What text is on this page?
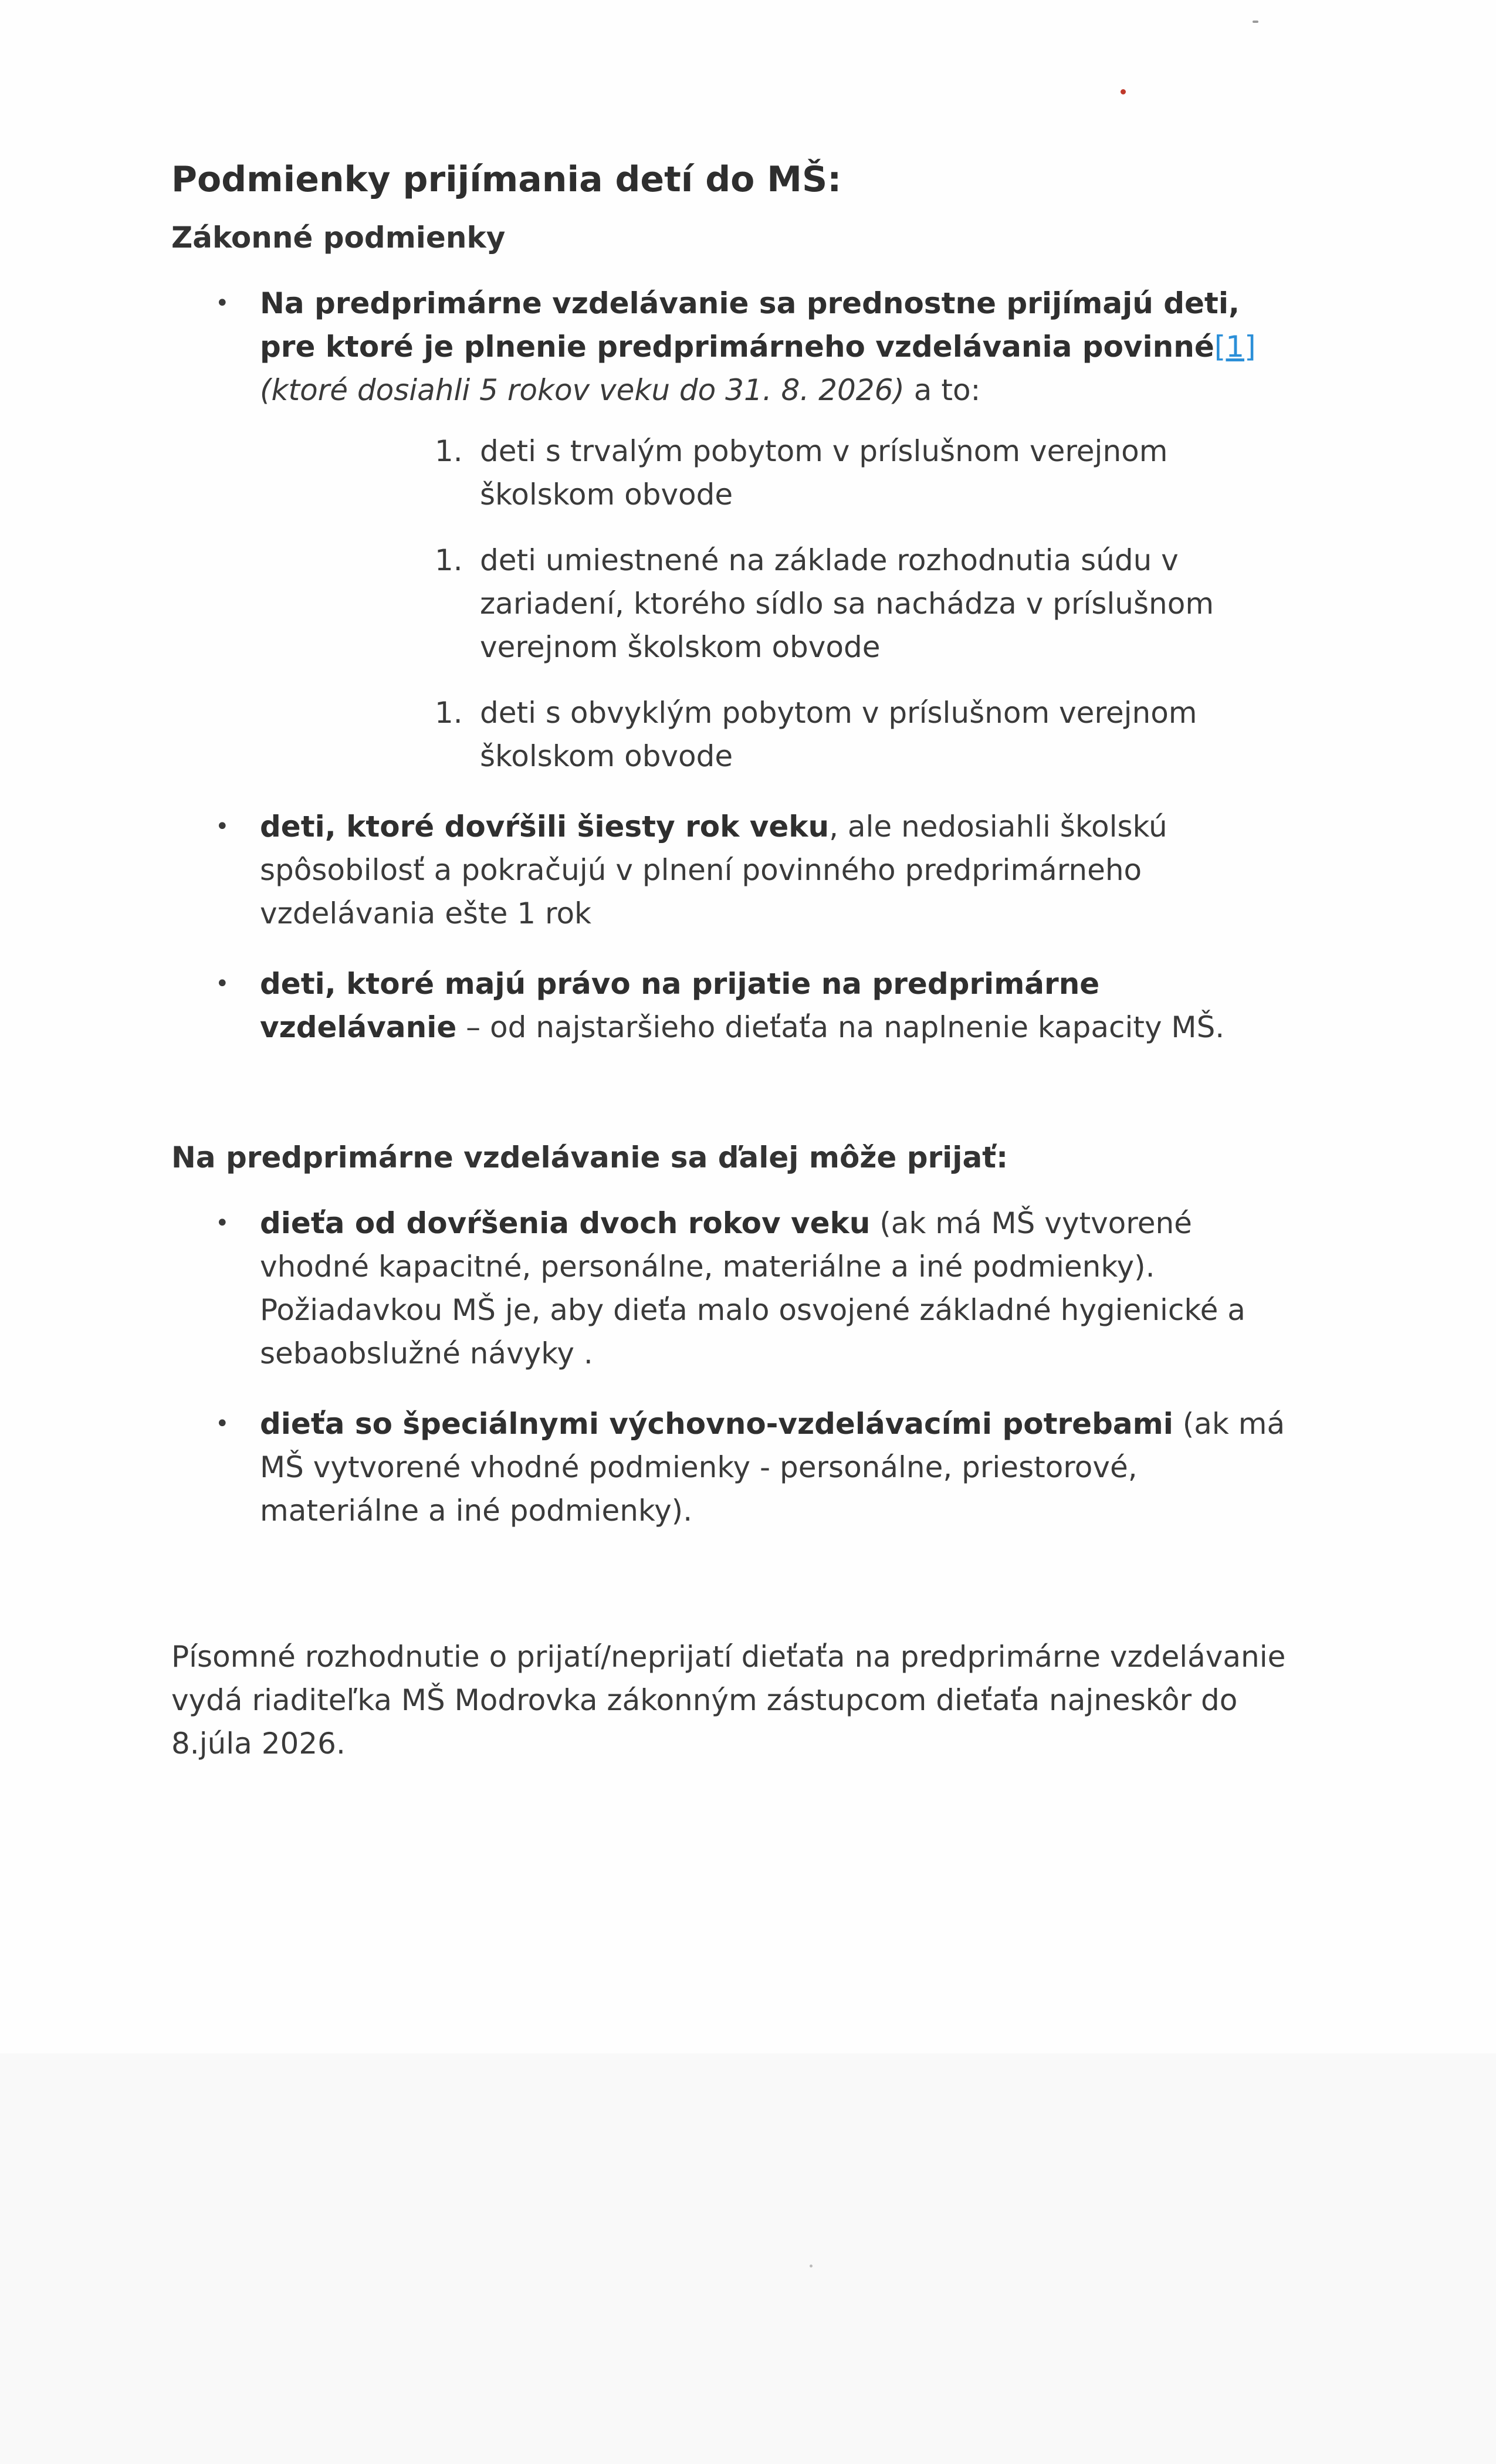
Podmienky prijímania detí do MŠ:
Zákonné podmienky
• Na predprimárne vzdelávanie sa prednostne prijímajú deti, pre ktoré je plnenie predprimárneho vzdelávania povinné[1] (ktoré dosiahli 5 rokov veku do 31. 8. 2026) a to:
1. deti s trvalým pobytom v príslušnom verejnom školskom obvode
1. deti umiestnené na základe rozhodnutia súdu v zariadení, ktorého sídlo sa nachádza v príslušnom verejnom školskom obvode
1. deti s obvyklým pobytom v príslušnom verejnom školskom obvode
• deti, ktoré dovŕšili šiesty rok veku, ale nedosiahli školskú spôsobilosť a pokračujú v plnení povinného predprimárneho vzdelávania ešte 1 rok
• deti, ktoré majú právo na prijatie na predprimárne vzdelávanie – od najstaršieho dieťaťa na naplnenie kapacity MŠ.
Na predprimárne vzdelávanie sa ďalej môže prijať:
• dieťa od dovŕšenia dvoch rokov veku (ak má MŠ vytvorené vhodné kapacitné, personálne, materiálne a iné podmienky). Požiadavkou MŠ je, aby dieťa malo osvojené základné hygienické a sebaobslužné návyky .
• dieťa so špeciálnymi výchovno-vzdelávacími potrebami (ak má MŠ vytvorené vhodné podmienky - personálne, priestorové, materiálne a iné podmienky).

Písomné rozhodnutie o prijatí/neprijatí dieťaťa na predprimárne vzdelávanie vydá riaditeľka MŠ Modrovka zákonným zástupcom dieťaťa najneskôr do 8.júla 2026.
